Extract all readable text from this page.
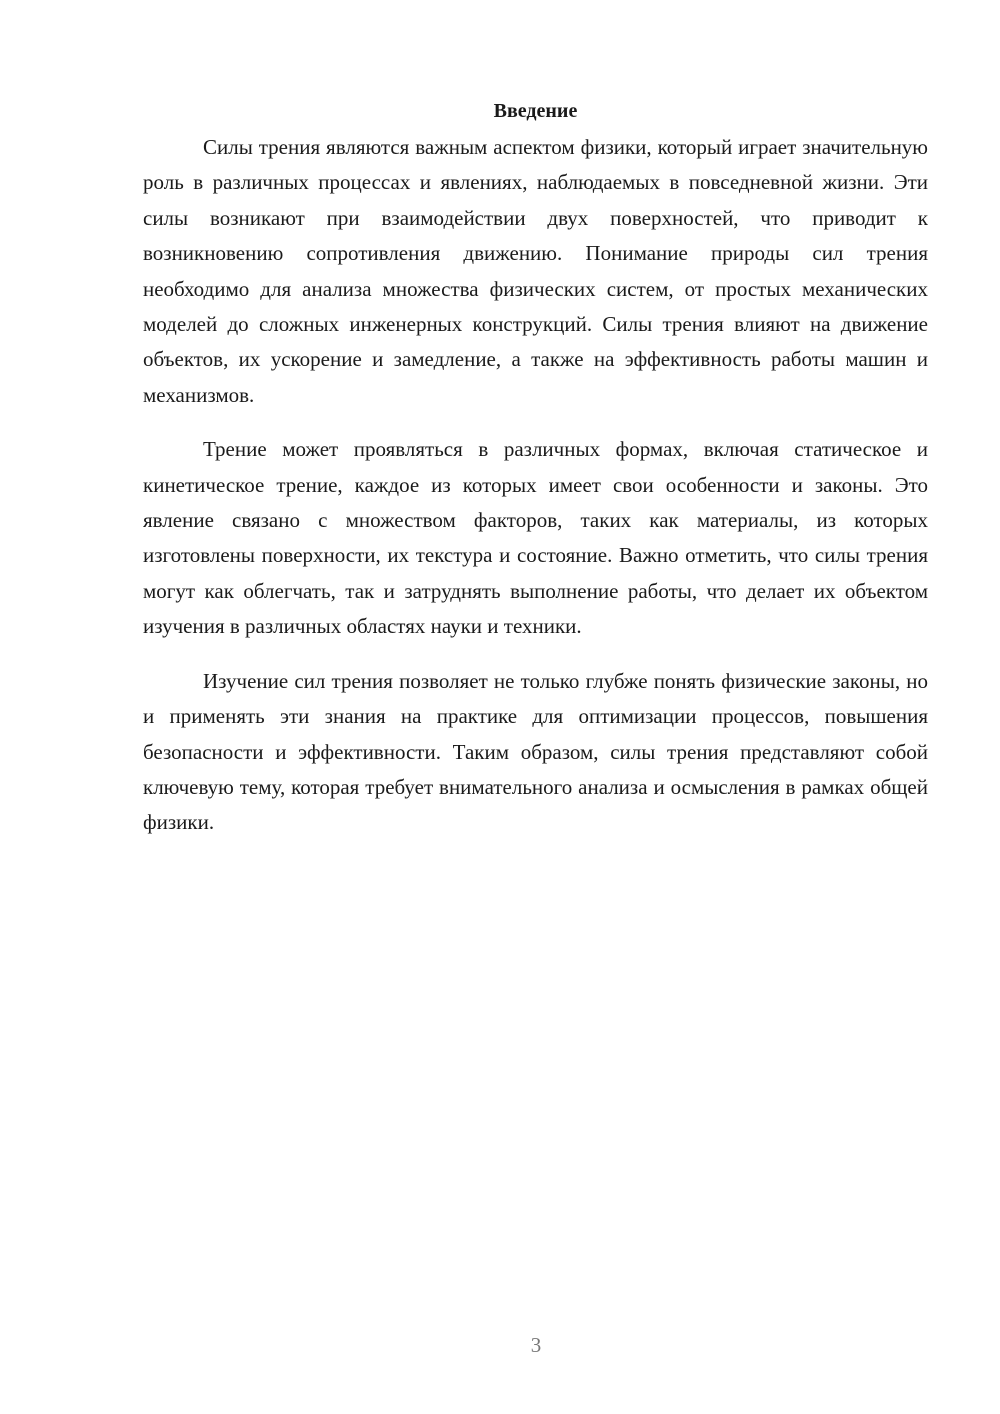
Введение

Силы трения являются важным аспектом физики, который играет значительную роль в различных процессах и явлениях, наблюдаемых в повседневной жизни. Эти силы возникают при взаимодействии двух поверхностей, что приводит к возникновению сопротивления движению. Понимание природы сил трения необходимо для анализа множества физических систем, от простых механических моделей до сложных инженерных конструкций. Силы трения влияют на движение объектов, их ускорение и замедление, а также на эффективность работы машин и механизмов.

Трение может проявляться в различных формах, включая статическое и кинетическое трение, каждое из которых имеет свои особенности и законы. Это явление связано с множеством факторов, таких как материалы, из которых изготовлены поверхности, их текстура и состояние. Важно отметить, что силы трения могут как облегчать, так и затруднять выполнение работы, что делает их объектом изучения в различных областях науки и техники.

Изучение сил трения позволяет не только глубже понять физические законы, но и применять эти знания на практике для оптимизации процессов, повышения безопасности и эффективности. Таким образом, силы трения представляют собой ключевую тему, которая требует внимательного анализа и осмысления в рамках общей физики.

3
